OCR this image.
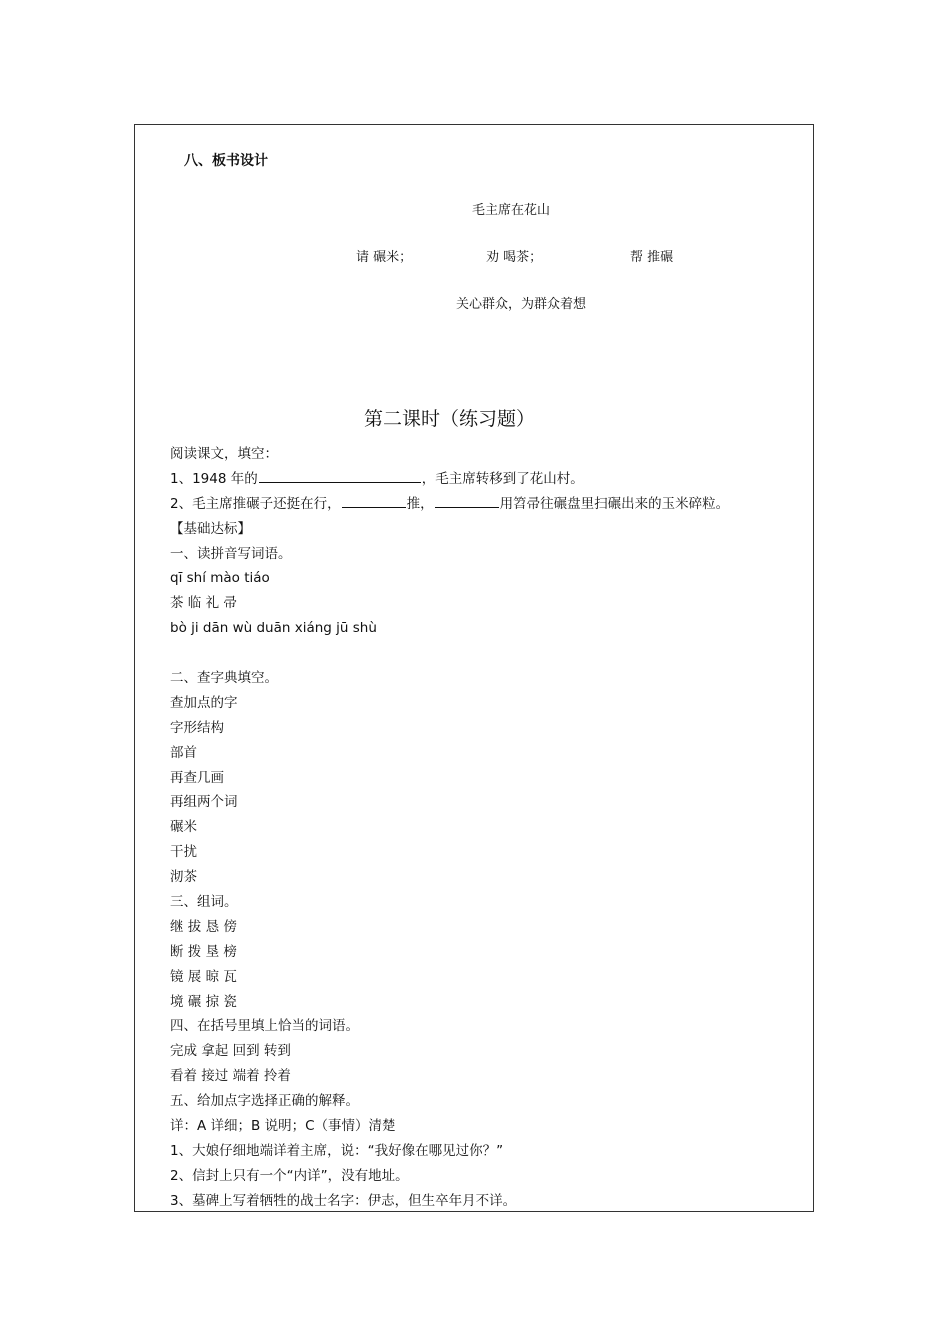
八、板书设计
毛主席在花山
请 碾米；	劝 喝茶；	帮 推碾
关心群众，为群众着想
第二课时（练习题）
阅读课文，填空：
1、1948 年的	，毛主席转移到了花山村。
2、毛主席推碾子还挺在行，	推，	用笤帚往碾盘里扫碾出来的玉米碎粒。
【基础达标】
一、读拼音写词语。
qī shí mào tiáo
茶 临 礼 帚
bò ji dān wù duān xiáng jū shù
二、查字典填空。
查加点的字
字形结构
部首
再查几画
再组两个词
碾米
干扰
沏茶
三、组词。
继 拔 恳 傍
断 拨 垦 榜
镜 展 晾 瓦
境 碾 掠 瓷
四、在括号里填上恰当的词语。
完成 拿起 回到 转到
看着 接过 端着 拎着
五、给加点字选择正确的解释。
详：A 详细；B 说明；C（事情）清楚
1、大娘仔细地端详着主席，说：“我好像在哪见过你？”
2、信封上只有一个“内详”，没有地址。
3、墓碑上写着牺牲的战士名字：伊志，但生卒年月不详。
